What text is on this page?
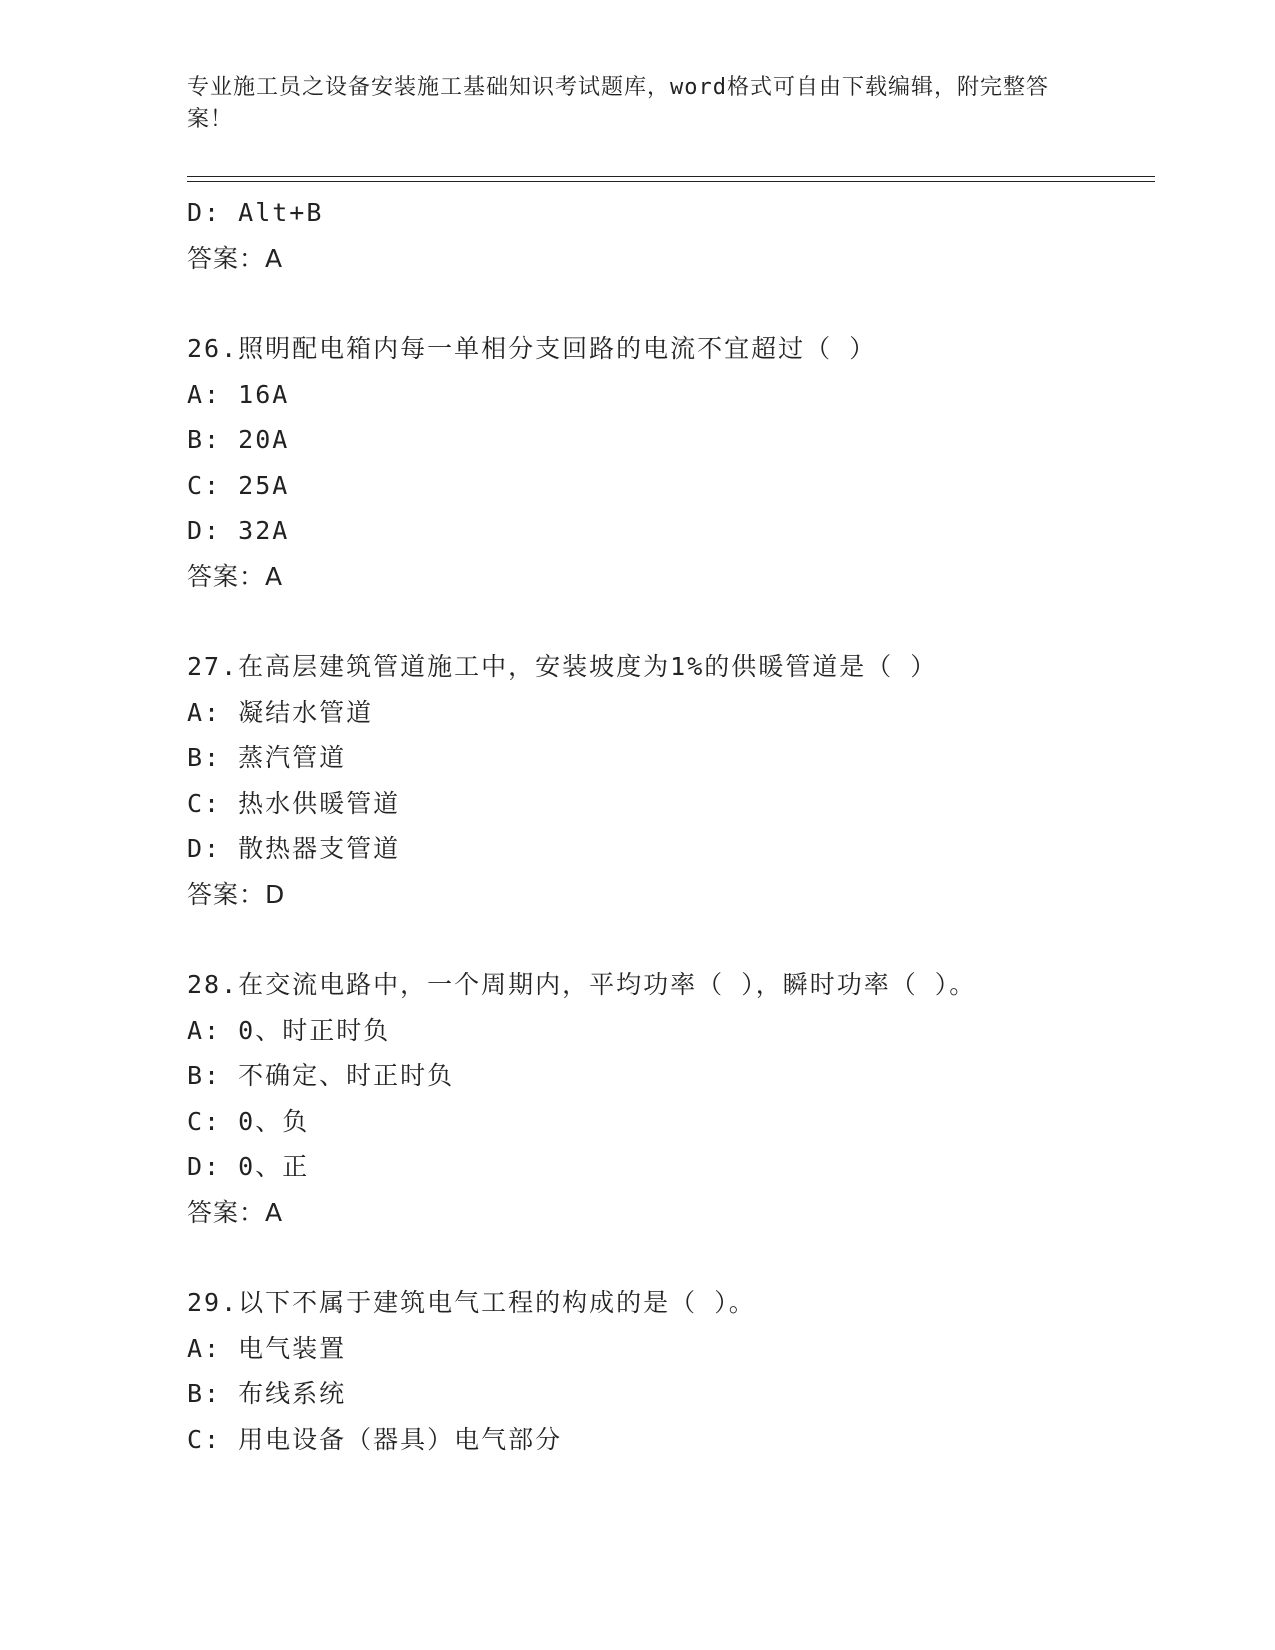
专业施工员之设备安装施工基础知识考试题库，word格式可自由下载编辑，附完整答案！
D: Alt+B
答案：A
26.照明配电箱内每一单相分支回路的电流不宜超过（ ）
A: 16A
B: 20A
C: 25A
D: 32A
答案：A
27.在高层建筑管道施工中，安装坡度为1%的供暖管道是（ ）
A: 凝结水管道
B: 蒸汽管道
C: 热水供暖管道
D: 散热器支管道
答案：D
28.在交流电路中，一个周期内，平均功率（ ），瞬时功率（ ）。
A: 0、时正时负
B: 不确定、时正时负
C: 0、负
D: 0、正
答案：A
29.以下不属于建筑电气工程的构成的是（ ）。
A: 电气装置
B: 布线系统
C: 用电设备（器具）电气部分
